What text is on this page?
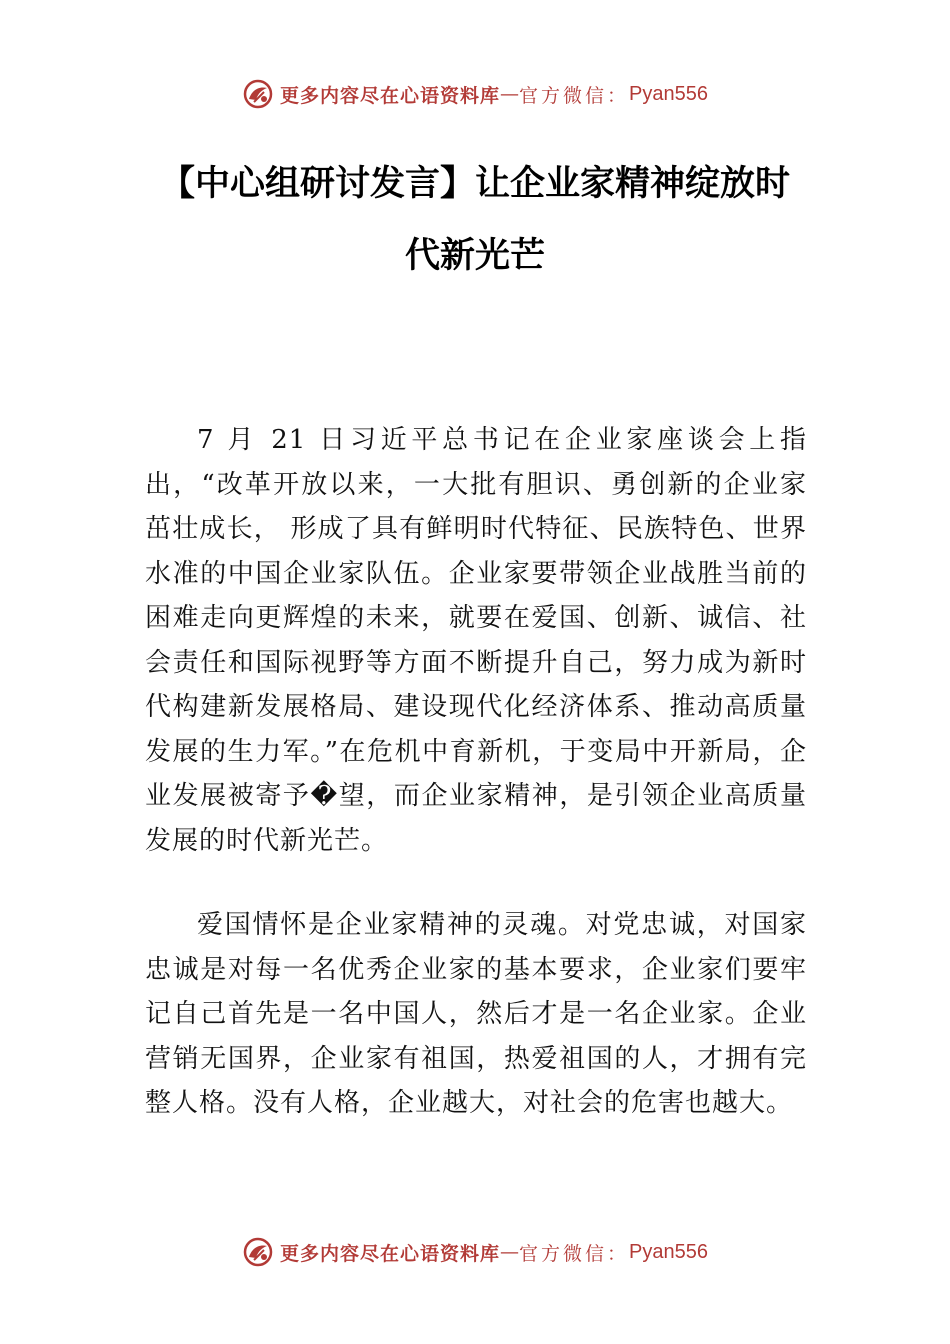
更多内容尽在心语资料库 — 官方微信： Pyan556
【中心组研讨发言】让企业家精神绽放时代新光芒

7 月 21 日习近平总书记在企业家座谈会上指出，“改革开放以来，一大批有胆识、勇创新的企业家茁壮成长， 形成了具有鲜明时代特征、民族特色、世界水准的中国企业家队伍。企业家要带领企业战胜当前的困难走向更辉煌的未来，就要在爱国、创新、诚信、社会责任和国际视野等方面不断提升自己，努力成为新时代构建新发展格局、建设现代化经济体系、推动高质量发展的生力军。”在危机中育新机，于变局中开新局，企业发展被寄予�望，而企业家精神，是引领企业高质量发展的时代新光芒。

爱国情怀是企业家精神的灵魂。对党忠诚，对国家忠诚是对每一名优秀企业家的基本要求，企业家们要牢记自己首先是一名中国人，然后才是一名企业家。企业营销无国界，企业家有祖国，热爱祖国的人，才拥有完整人格。没有人格，企业越大，对社会的危害也越大。

更多内容尽在心语资料库 — 官方微信： Pyan556
